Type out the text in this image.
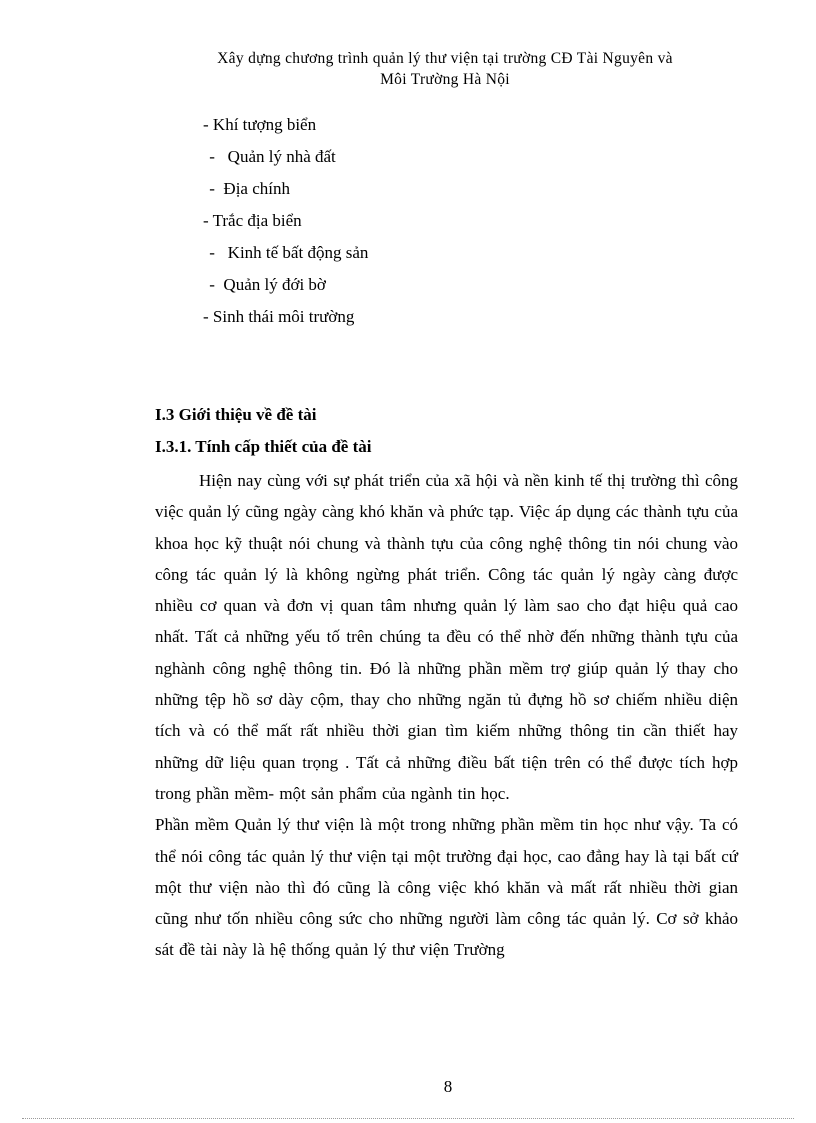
Xây dựng chương trình quản lý thư viện tại trường CĐ Tài Nguyên và
Môi Trường Hà Nội
- Khí tượng biển
-   Quản lý nhà đất
-  Địa chính
- Trắc địa biển
-   Kinh tế bất động sản
-  Quản lý đới bờ
- Sinh thái môi trường
I.3 Giới thiệu về đề tài
I.3.1. Tính cấp thiết của đề tài

Hiện nay cùng với sự phát triển của xã hội và nền kinh tế thị trường thì công việc quản lý cũng ngày càng khó khăn và phức tạp. Việc áp dụng các thành tựu của khoa học kỹ thuật nói chung và thành tựu của công nghệ thông tin nói chung vào công tác quản lý là không ngừng phát triển. Công tác quản lý ngày càng được nhiều cơ quan và đơn vị quan tâm nhưng quản lý làm sao cho đạt hiệu quả cao nhất. Tất cả những yếu tố trên chúng ta đều có thể nhờ đến những thành tựu của nghành công nghệ thông tin. Đó là những phần mềm trợ giúp quản lý thay cho những tệp hồ sơ dày cộm, thay cho những ngăn tủ đựng hồ sơ chiếm nhiều diện tích và có thể mất rất nhiều thời gian tìm kiếm những thông tin cần thiết hay những dữ liệu quan trọng . Tất cả những điều bất tiện trên có thể được tích hợp trong phần mềm- một sản phẩm của ngành tin học.

Phần mềm Quản lý thư viện là một trong những phần mềm tin học như vậy. Ta có thể nói công tác quản lý thư viện tại một trường đại học, cao đẳng hay là tại bất cứ một thư viện nào thì đó cũng là công việc khó khăn và mất rất nhiều thời gian cũng như tốn nhiều công sức cho những người làm công tác quản lý. Cơ sở khảo sát đề tài này là hệ thống quản lý thư viện Trường

8
